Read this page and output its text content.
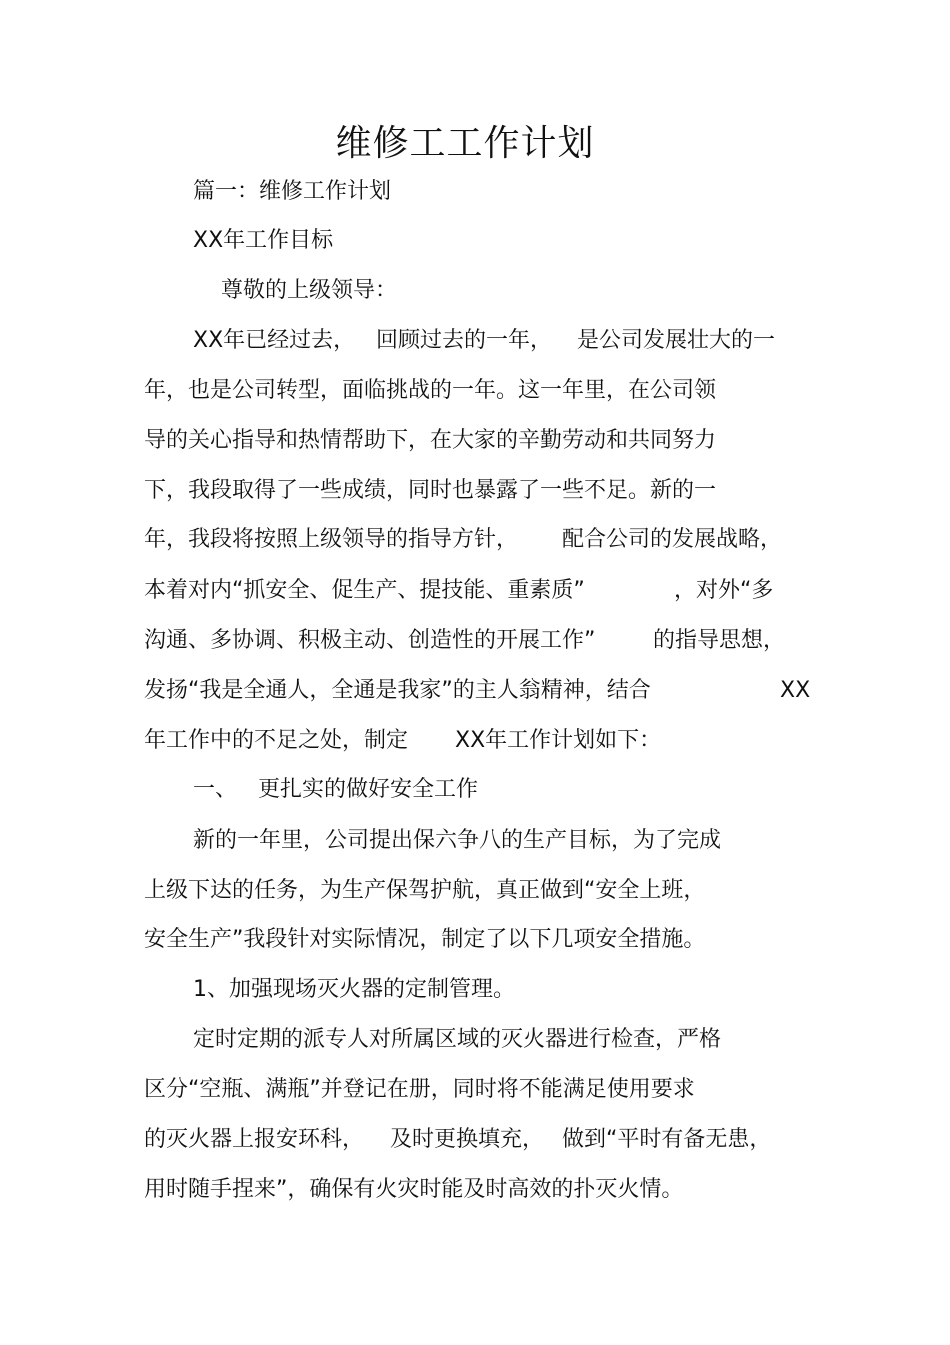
维修工工作计划
篇一：维修工作计划
XX年工作目标
尊敬的上级领导：
XX年已经过去， 回顾过去的一年， 是公司发展壮大的一
年，也是公司转型，面临挑战的一年。这一年里，在公司领
导的关心指导和热情帮助下，在大家的辛勤劳动和共同努力
下，我段取得了一些成绩，同时也暴露了一些不足。新的一
年，我段将按照上级领导的指导方针， 配合公司的发展战略，
本着对内“抓安全、促生产、提技能、重素质”	，对外“多
沟通、多协调、积极主动、创造性的开展工作”	的指导思想，
发扬“我是全通人，全通是我家”的主人翁精神，结合	XX
年工作中的不足之处，制定 XX年工作计划如下：
一、 更扎实的做好安全工作
新的一年里，公司提出保六争八的生产目标，为了完成
上级下达的任务，为生产保驾护航，真正做到“安全上班，
安全生产”我段针对实际情况，制定了以下几项安全措施。
1、加强现场灭火器的定制管理。
定时定期的派专人对所属区域的灭火器进行检查，严格
区分“空瓶、满瓶”并登记在册，同时将不能满足使用要求
的灭火器上报安环科， 及时更换填充， 做到“平时有备无患，
用时随手捏来”，确保有火灾时能及时高效的扑灭火情。
